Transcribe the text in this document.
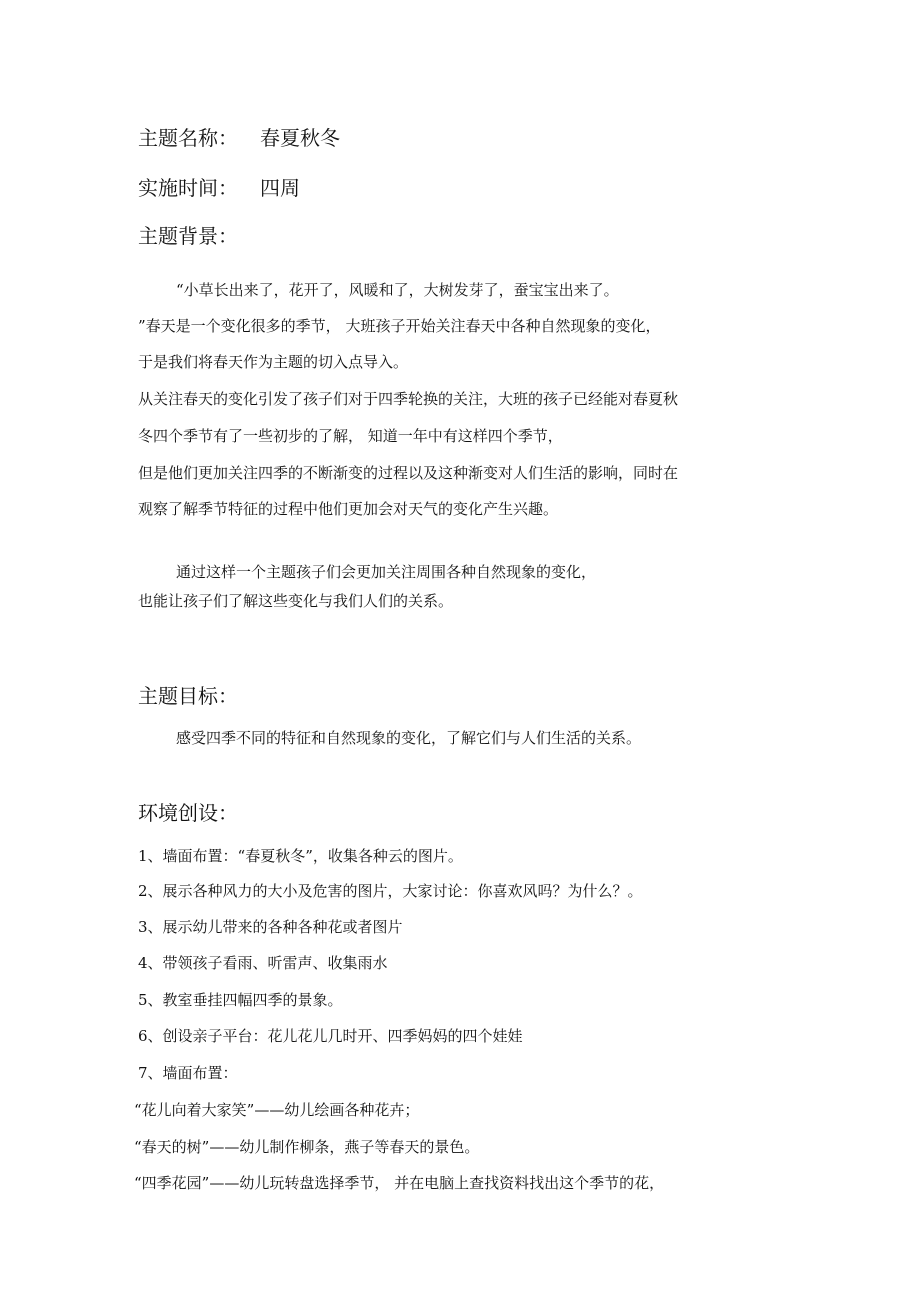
主题名称： 春夏秋冬
实施时间： 四周
主题背景：
“小草长出来了，花开了，风暖和了，大树发芽了，蚕宝宝出来了。
”春天是一个变化很多的季节， 大班孩子开始关注春天中各种自然现象的变化，
于是我们将春天作为主题的切入点导入。
从关注春天的变化引发了孩子们对于四季轮换的关注，大班的孩子已经能对春夏秋
冬四个季节有了一些初步的了解， 知道一年中有这样四个季节，
但是他们更加关注四季的不断渐变的过程以及这种渐变对人们生活的影响，同时在
观察了解季节特征的过程中他们更加会对天气的变化产生兴趣。
通过这样一个主题孩子们会更加关注周围各种自然现象的变化，
也能让孩子们了解这些变化与我们人们的关系。
主题目标：
感受四季不同的特征和自然现象的变化，了解它们与人们生活的关系。
环境创设：
1、墙面布置：“春夏秋冬”，收集各种云的图片。
2、展示各种风力的大小及危害的图片，大家讨论：你喜欢风吗？为什么？。
3、展示幼儿带来的各种各种花或者图片
4、带领孩子看雨、听雷声、收集雨水
5、教室垂挂四幅四季的景象。
6、创设亲子平台：花儿花儿几时开、四季妈妈的四个娃娃
7、墙面布置：
“花儿向着大家笑”——幼儿绘画各种花卉；
“春天的树”——幼儿制作柳条，燕子等春天的景色。
“四季花园”——幼儿玩转盘选择季节， 并在电脑上查找资料找出这个季节的花，
